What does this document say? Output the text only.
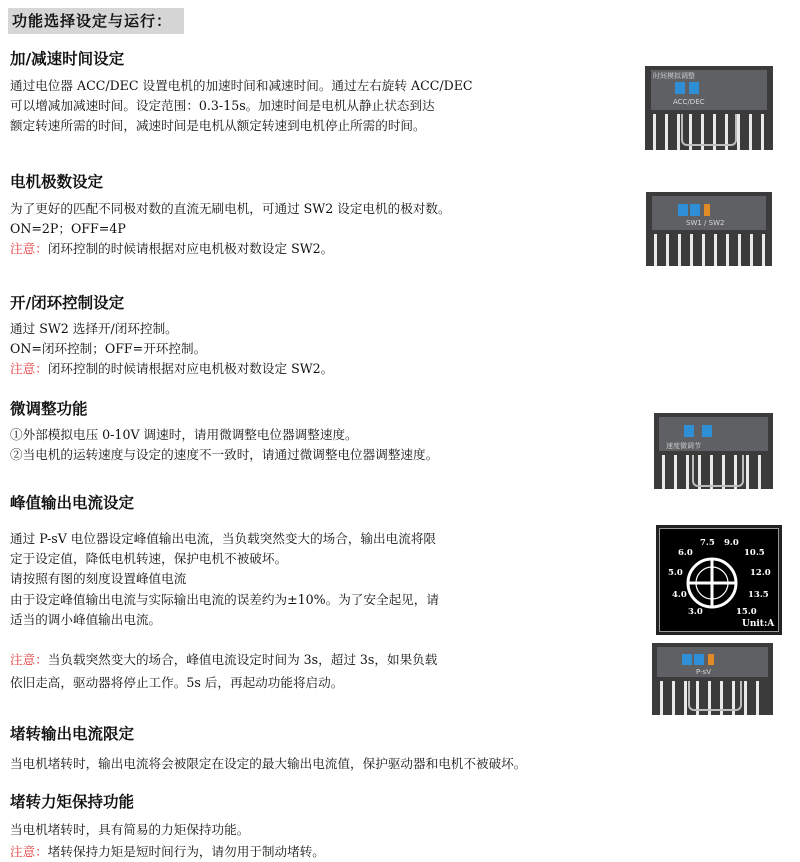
功能选择设定与运行：
加/减速时间设定
通过电位器 ACC/DEC 设置电机的加速时间和减速时间。通过左右旋转 ACC/DEC
可以增减加减速时间。设定范围：0.3-15s。加速时间是电机从静止状态到达
额定转速所需的时间，减速时间是电机从额定转速到电机停止所需的时间。
时间模拟调整
ACC/DEC
电机极数设定
为了更好的匹配不同极对数的直流无刷电机，可通过 SW2 设定电机的极对数。
ON=2P；OFF=4P
注意：闭环控制的时候请根据对应电机极对数设定 SW2。
SW1 / SW2
开/闭环控制设定
通过 SW2 选择开/闭环控制。
ON=闭环控制；OFF=开环控制。
注意：闭环控制的时候请根据对应电机极对数设定 SW2。
微调整功能
①外部模拟电压 0-10V 调速时，请用微调整电位器调整速度。
②当电机的运转速度与设定的速度不一致时，请通过微调整电位器调整速度。
速度微调节
峰值输出电流设定
通过 P-sV 电位器设定峰值输出电流，当负载突然变大的场合，输出电流将限
定于设定值，降低电机转速，保护电机不被破坏。
请按照有图的刻度设置峰值电流
由于设定峰值输出电流与实际输出电流的误差约为±10%。为了安全起见，请
适当的调小峰值输出电流。
注意：当负载突然变大的场合，峰值电流设定时间为 3s，超过 3s，如果负载
依旧走高，驱动器将停止工作。5s 后，再起动功能将启动。
7.5 9.0
6.0	10.5
5.0	12.0
4.0	13.5
3.0	15.0
Unit:A
P-sV
堵转输出电流限定
当电机堵转时，输出电流将会被限定在设定的最大输出电流值，保护驱动器和电机不被破坏。
堵转力矩保持功能
当电机堵转时，具有简易的力矩保持功能。
注意：堵转保持力矩是短时间行为，请勿用于制动堵转。
